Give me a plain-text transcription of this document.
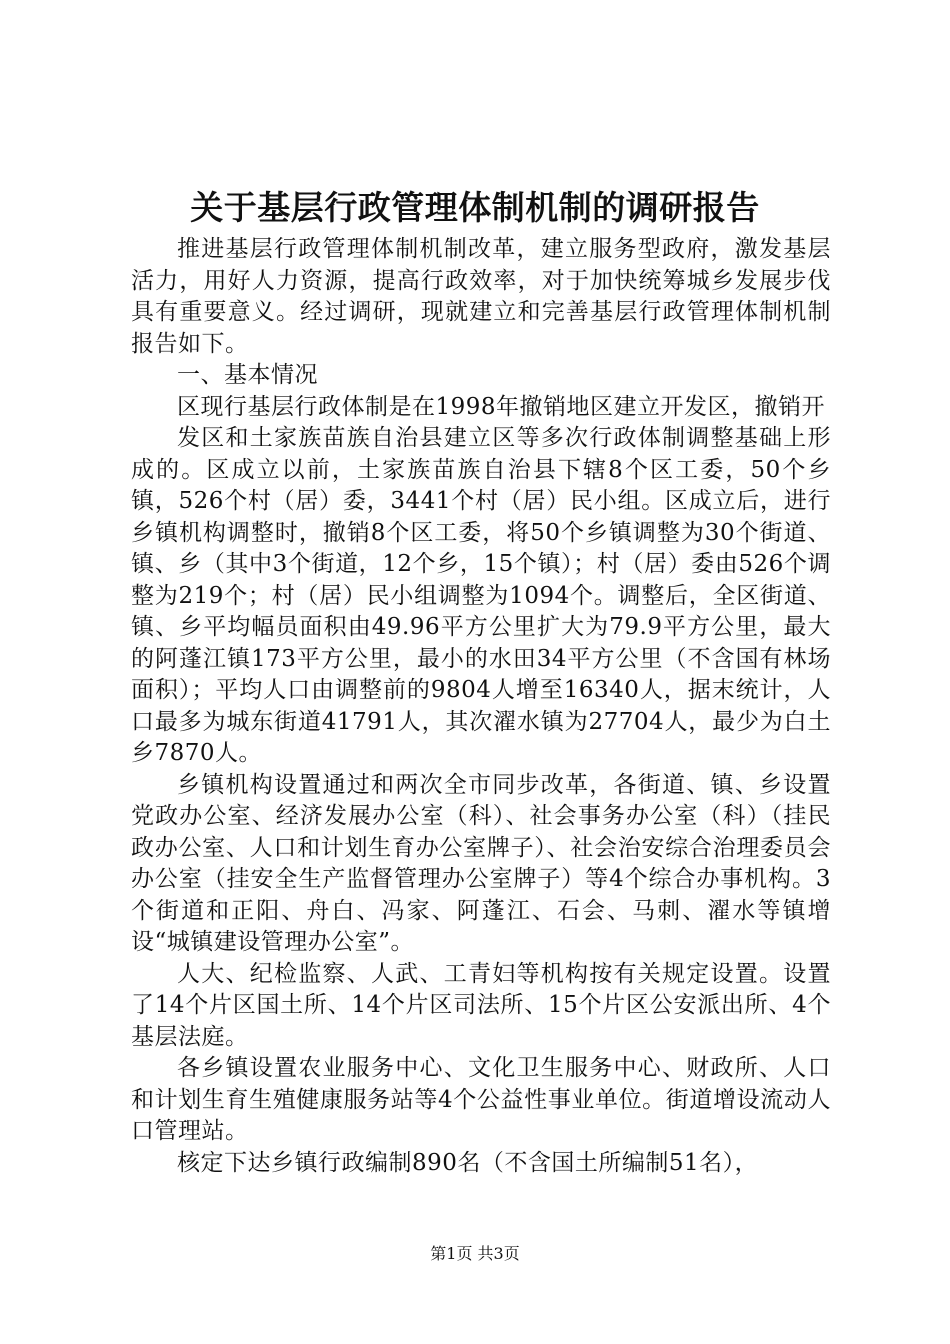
关于基层行政管理体制机制的调研报告

推进基层行政管理体制机制改革，建立服务型政府，激发基层活力，用好人力资源，提高行政效率，对于加快统筹城乡发展步伐具有重要意义。经过调研，现就建立和完善基层行政管理体制机制报告如下。

一、基本情况

区现行基层行政体制是在1998年撤销地区建立开发区，撤销开

发区和土家族苗族自治县建立区等多次行政体制调整基础上形成的。区成立以前，土家族苗族自治县下辖8个区工委，50个乡镇，526个村（居）委，3441个村（居）民小组。区成立后，进行乡镇机构调整时，撤销8个区工委，将50个乡镇调整为30个街道、镇、乡（其中3个街道，12个乡，15个镇）；村（居）委由526个调整为219个；村（居）民小组调整为1094个。调整后，全区街道、镇、乡平均幅员面积由49.96平方公里扩大为79.9平方公里，最大的阿蓬江镇173平方公里，最小的水田34平方公里（不含国有林场面积）；平均人口由调整前的9804人增至16340人，据末统计，人口最多为城东街道41791人，其次濯水镇为27704人，最少为白土乡7870人。

乡镇机构设置通过和两次全市同步改革，各街道、镇、乡设置党政办公室、经济发展办公室（科）、社会事务办公室（科）（挂民政办公室、人口和计划生育办公室牌子）、社会治安综合治理委员会办公室（挂安全生产监督管理办公室牌子）等4个综合办事机构。3个街道和正阳、舟白、冯家、阿蓬江、石会、马刺、濯水等镇增设“城镇建设管理办公室”。

人大、纪检监察、人武、工青妇等机构按有关规定设置。设置了14个片区国土所、14个片区司法所、15个片区公安派出所、4个基层法庭。

各乡镇设置农业服务中心、文化卫生服务中心、财政所、人口和计划生育生殖健康服务站等4个公益性事业单位。街道增设流动人口管理站。

核定下达乡镇行政编制890名（不含国土所编制51名），

第1页 共3页
